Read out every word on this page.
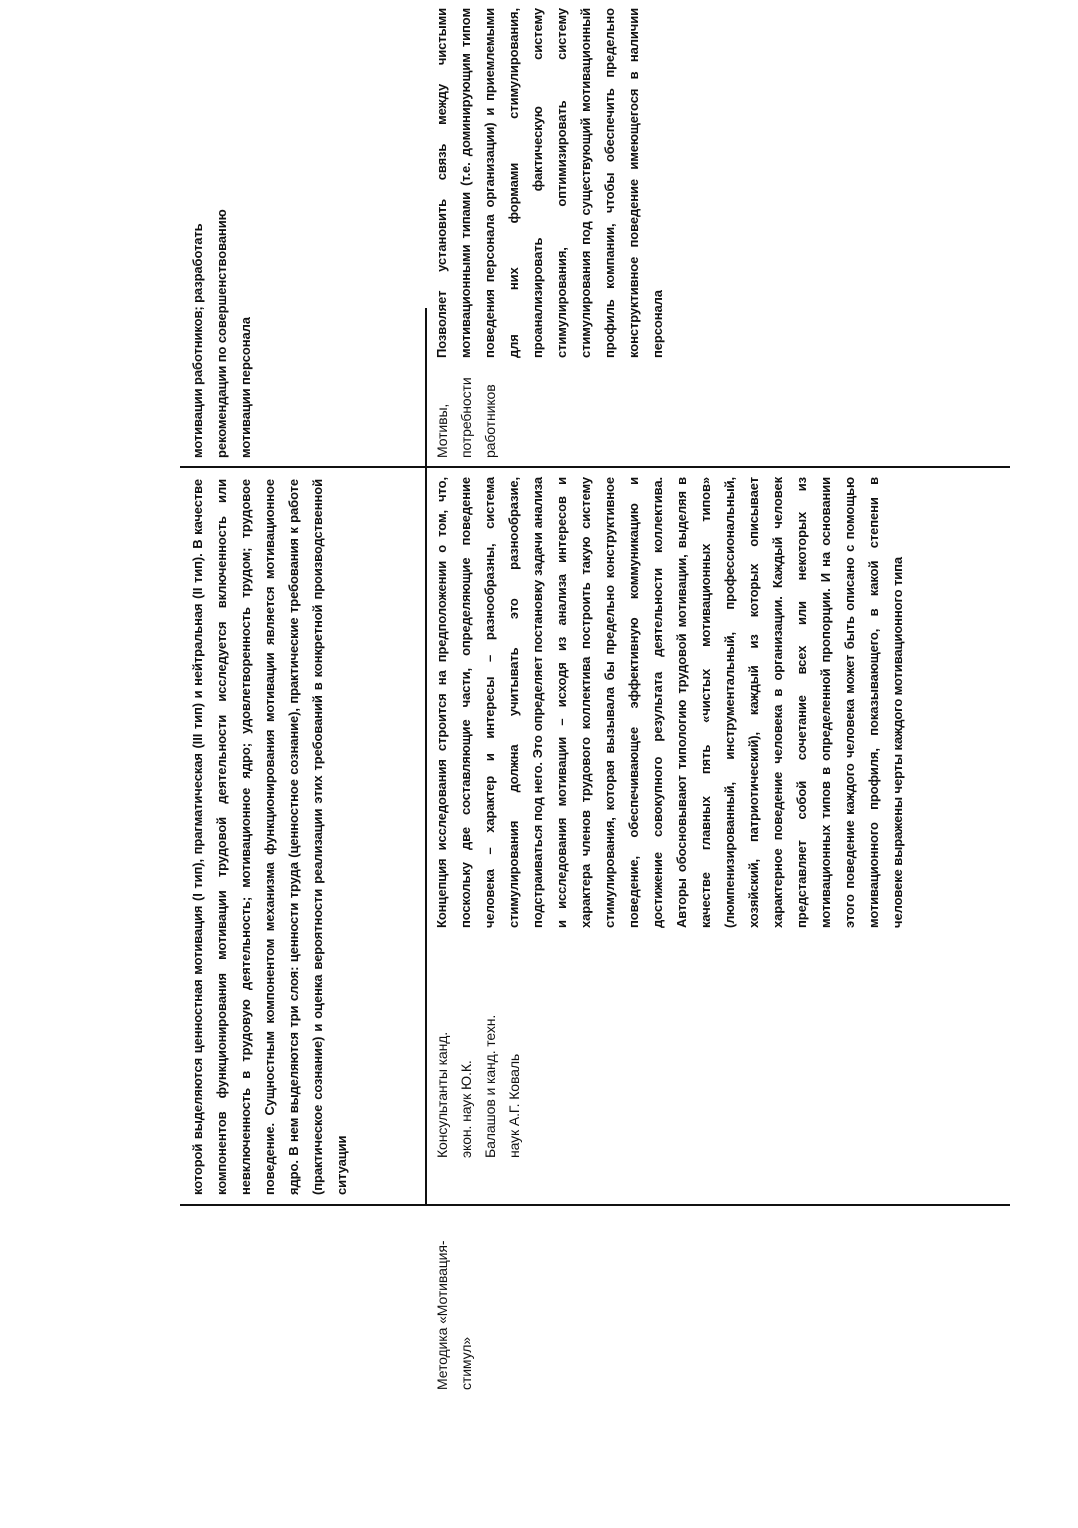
которой выделяются ценностная мотивация (I тип), прагматическая (III тип) и нейтральная (II тип). В качестве компонентов функционирования мотивации трудовой деятельности исследуется включенность или невключенность в трудовую деятельность; мотивационное ядро; удовлетворенность трудом; трудовое поведение. Сущностным компонентом механизма функционирования мотивации является мотивационное ядро. В нем выделяются три слоя: ценности труда (ценностное сознание), практические требования к работе (практическое сознание) и оценка вероятности реализации этих требований в конкретной производственной ситуации
мотивации работников; разработать рекомендации по совершенствованию мотивации персонала
Методика «Мотивация-стимул»
Консультанты канд. экон. наук Ю.К. Балашов и канд. техн. наук А.Г. Коваль
Концепция исследования строится на предположении о том, что, поскольку две составляющие части, определяющие поведение человека – характер и интересы – разнообразны, система стимулирования должна учитывать это разнообразие, подстраиваться под него. Это определяет постановку задачи анализа и исследования мотивации – исходя из анализа интересов и характера членов трудового коллектива построить такую систему стимулирования, которая вызывала бы предельно конструктивное поведение, обеспечивающее эффективную коммуникацию и достижение совокупного результата деятельности коллектива. Авторы обосновывают типологию трудовой мотивации, выделяя в качестве главных пять «чистых мотивационных типов» (люмпенизированный, инструментальный, профессиональный, хозяйский, патриотический), каждый из которых описывает характерное поведение человека в организации. Каждый человек представляет собой сочетание всех или некоторых из мотивационных типов в определенной пропорции. И на основании этого поведение каждого человека может быть описано с помощью мотивационного профиля, показывающего, в какой степени в человеке выражены черты каждого мотивационного типа
Мотивы, потребности работников
Позволяет установить связь между чистыми мотивационными типами (т.е. доминирующим типом поведения персонала организации) и приемлемыми для них формами стимулирования, проанализировать фактическую систему стимулирования, оптимизировать систему стимулирования под существующий мотивационный профиль компании, чтобы обеспечить предельно конструктивное поведение имеющегося в наличии персонала
